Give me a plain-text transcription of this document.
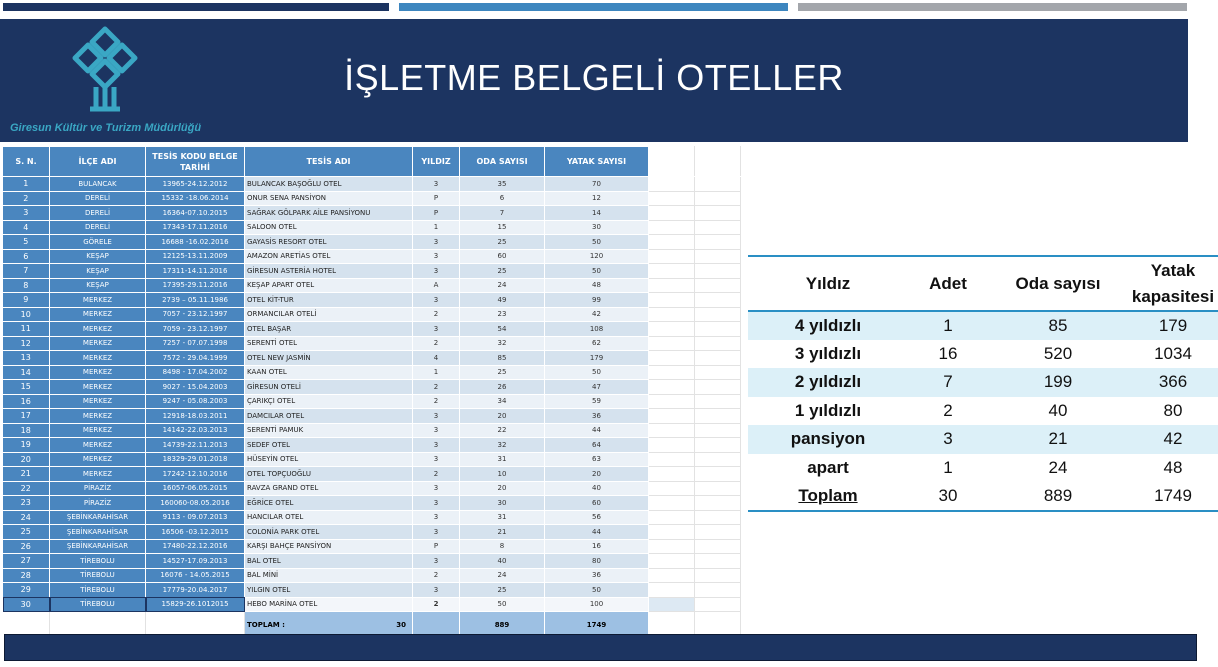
Giresun Kültür ve Turizm Müdürlüğü
İŞLETME BELGELİ OTELLER
S. N.	İLÇE ADI	TESİS KODU BELGE TARİHİ	TESİS ADI	YILDIZ	ODA SAYISI	YATAK SAYISI		
1	BULANCAK	13965-24.12.2012	BULANCAK BAŞOĞLU OTEL	3	35	70		
2	DERELİ	15332 -18.06.2014	ONUR SENA PANSİYON	P	6	12		
3	DERELİ	16364-07.10.2015	SAĞRAK GÖLPARK AİLE PANSİYONU	P	7	14		
4	DERELİ	17343-17.11.2016	SALOON OTEL	1	15	30		
5	GÖRELE	16688 -16.02.2016	GAYASİS RESORT OTEL	3	25	50		
6	KEŞAP	12125-13.11.2009	AMAZON ARETİAS OTEL	3	60	120		
7	KEŞAP	17311-14.11.2016	GİRESUN ASTERİA HOTEL	3	25	50		
8	KEŞAP	17395-29.11.2016	KEŞAP APART OTEL	A	24	48		
9	MERKEZ	2739 – 05.11.1986	OTEL KİT-TUR	3	49	99		
10	MERKEZ	7057 - 23.12.1997	ORMANCILAR OTELİ	2	23	42		
11	MERKEZ	7059 - 23.12.1997	OTEL BAŞAR	3	54	108		
12	MERKEZ	7257 - 07.07.1998	SERENTİ OTEL	2	32	62		
13	MERKEZ	7572 - 29.04.1999	OTEL NEW JASMİN	4	85	179		
14	MERKEZ	8498 - 17.04.2002	KAAN OTEL	1	25	50		
15	MERKEZ	9027 - 15.04.2003	GİRESUN OTELİ	2	26	47		
16	MERKEZ	9247 - 05.08.2003	ÇARIKÇI OTEL	2	34	59		
17	MERKEZ	12918-18.03.2011	DAMCILAR OTEL	3	20	36		
18	MERKEZ	14142-22.03.2013	SERENTİ PAMUK	3	22	44		
19	MERKEZ	14739-22.11.2013	SEDEF OTEL	3	32	64		
20	MERKEZ	18329-29.01.2018	HÜSEYİN OTEL	3	31	63		
21	MERKEZ	17242-12.10.2016	OTEL TOPÇUOĞLU	2	10	20		
22	PİRAZİZ	16057-06.05.2015	RAVZA GRAND OTEL	3	20	40		
23	PİRAZİZ	160060-08.05.2016	EĞRİCE OTEL	3	30	60		
24	ŞEBİNKARAHİSAR	9113 - 09.07.2013	HANCILAR OTEL	3	31	56		
25	ŞEBİNKARAHİSAR	16506 -03.12.2015	COLONİA PARK OTEL	3	21	44		
26	ŞEBİNKARAHİSAR	17480-22.12.2016	KARŞI BAHÇE PANSİYON	P	8	16		
27	TİREBOLU	14527-17.09.2013	BAL OTEL	3	40	80		
28	TİREBOLU	16076 - 14.05.2015	BAL MİNİ	2	24	36		
29	TİREBOLU	17779-20.04.2017	YILGIN OTEL	3	25	50		
30	TİREBOLU	15829-26.1012015	HEBO MARİNA OTEL	2	50	100		
			TOPLAM : 30		889	1749		

Yıldız	Adet	Oda sayısı	Yatak
kapasitesi
4 yıldızlı	1	85	179
3 yıldızlı	16	520	1034
2 yıldızlı	7	199	366
1 yıldızlı	2	40	80
pansiyon	3	21	42
apart	1	24	48
Toplam	30	889	1749
